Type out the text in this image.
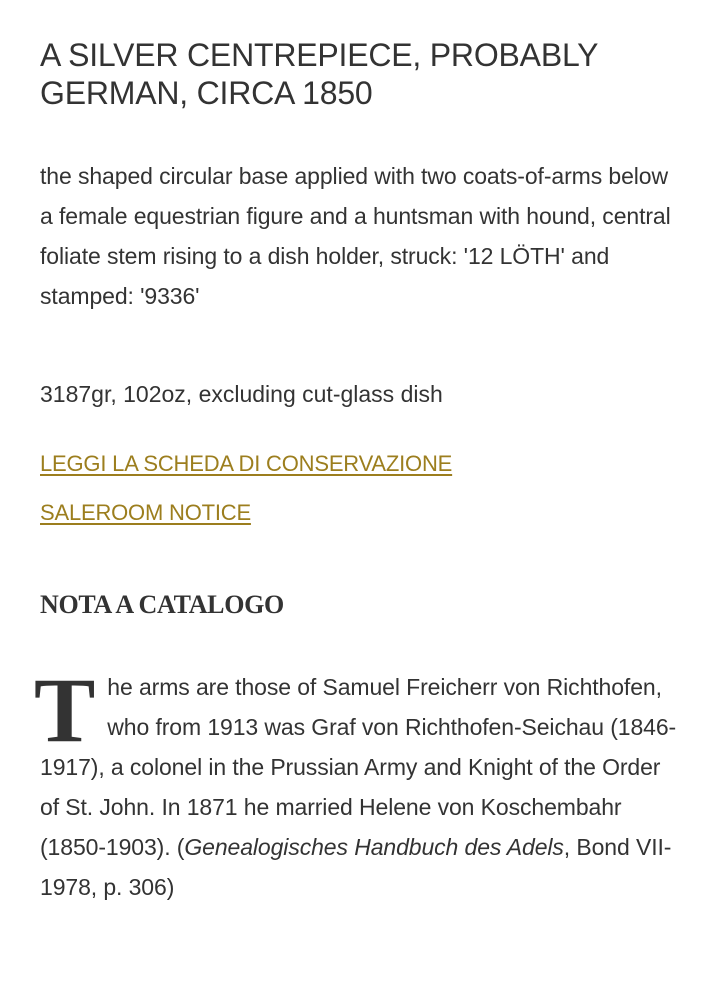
A SILVER CENTREPIECE, PROBABLY GERMAN, CIRCA 1850
the shaped circular base applied with two coats-of-arms below a female equestrian figure and a huntsman with hound, central foliate stem rising to a dish holder, struck: '12 LÖTH' and stamped: '9336'
3187gr, 102oz, excluding cut-glass dish
LEGGI LA SCHEDA DI CONSERVAZIONE
SALEROOM NOTICE
NOTA A CATALOGO
The arms are those of Samuel Freicherr von Richthofen, who from 1913 was Graf von Richthofen-Seichau (1846-1917), a colonel in the Prussian Army and Knight of the Order of St. John. In 1871 he married Helene von Koschembahr (1850-1903). (Genealogisches Handbuch des Adels, Bond VII-1978, p. 306)
